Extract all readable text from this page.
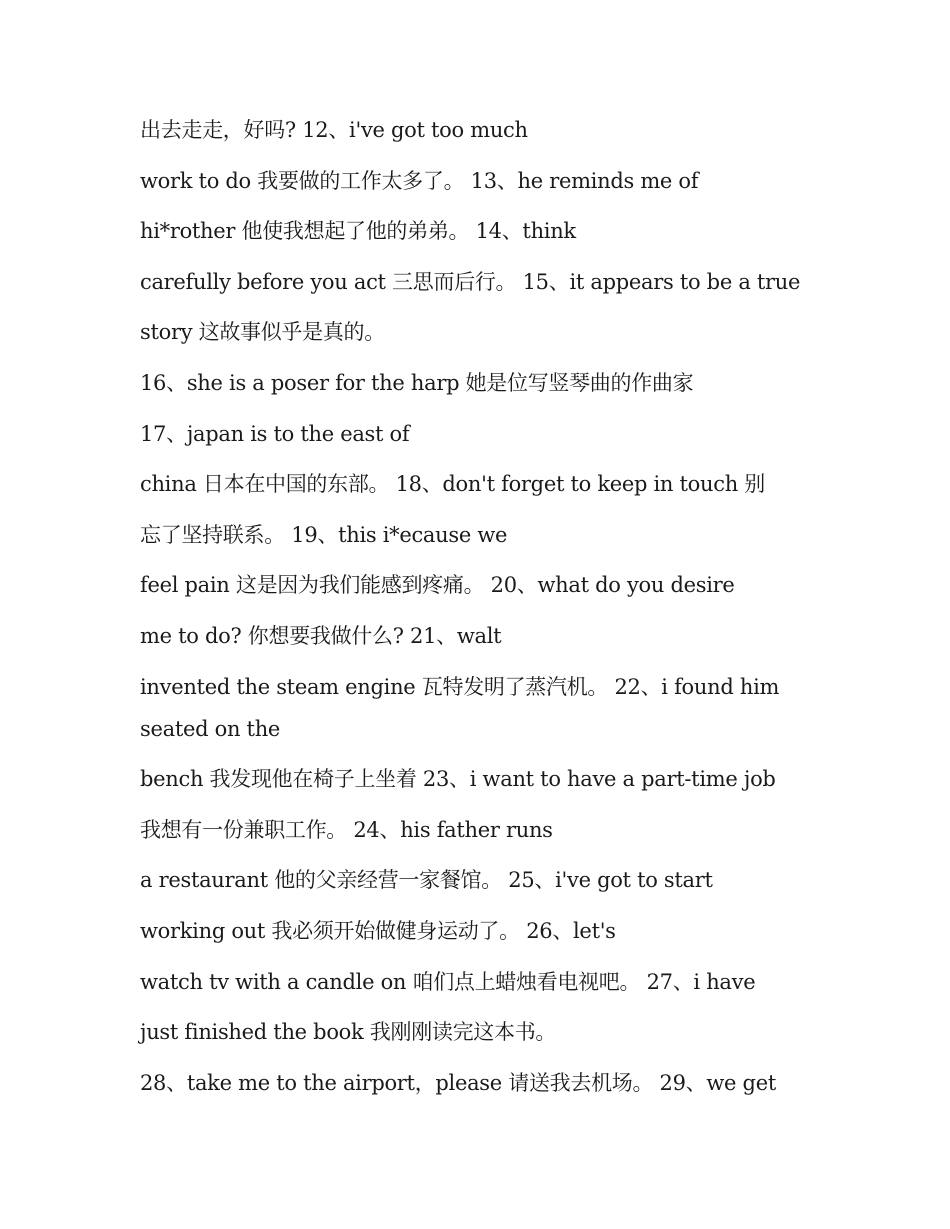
出去走走，好吗? 12、i've got too much
work to do 我要做的工作太多了。 13、he reminds me of
hi*rother 他使我想起了他的弟弟。 14、think
carefully before you act 三思而后行。 15、it appears to be a true
story 这故事似乎是真的。
16、she is a poser for the harp 她是位写竖琴曲的作曲家
17、japan is to the east of
china 日本在中国的东部。 18、don't forget to keep in touch 别
忘了坚持联系。 19、this i*ecause we
feel pain 这是因为我们能感到疼痛。 20、what do you desire
me to do? 你想要我做什么? 21、walt
invented the steam engine 瓦特发明了蒸汽机。 22、i found him
seated on the
bench 我发现他在椅子上坐着 23、i want to have a part-time job
我想有一份兼职工作。 24、his father runs
a restaurant 他的父亲经营一家餐馆。 25、i've got to start
working out 我必须开始做健身运动了。 26、let's
watch tv with a candle on 咱们点上蜡烛看电视吧。 27、i have
just finished the book 我刚刚读完这本书。
28、take me to the airport，please 请送我去机场。 29、we get
